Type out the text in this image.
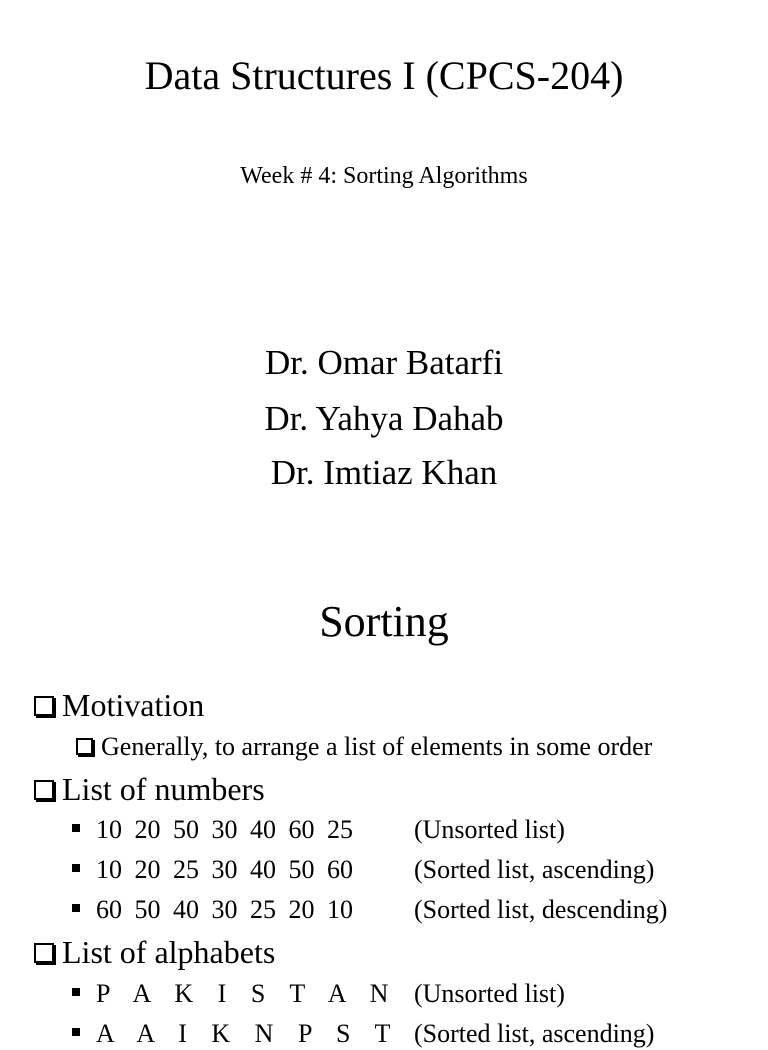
Data Structures I (CPCS-204)
Week # 4: Sorting Algorithms
Dr. Omar Batarfi
Dr. Yahya Dahab
Dr. Imtiaz Khan
Sorting
Motivation
Generally, to arrange a list of elements in some order
List of numbers
10 20 50 30 40 60 25 (Unsorted list)
10 20 25 30 40 50 60 (Sorted list, ascending)
60 50 40 30 25 20 10 (Sorted list, descending)
List of alphabets
P A K I S T A N (Unsorted list)
A A I K N P S T (Sorted list, ascending)
